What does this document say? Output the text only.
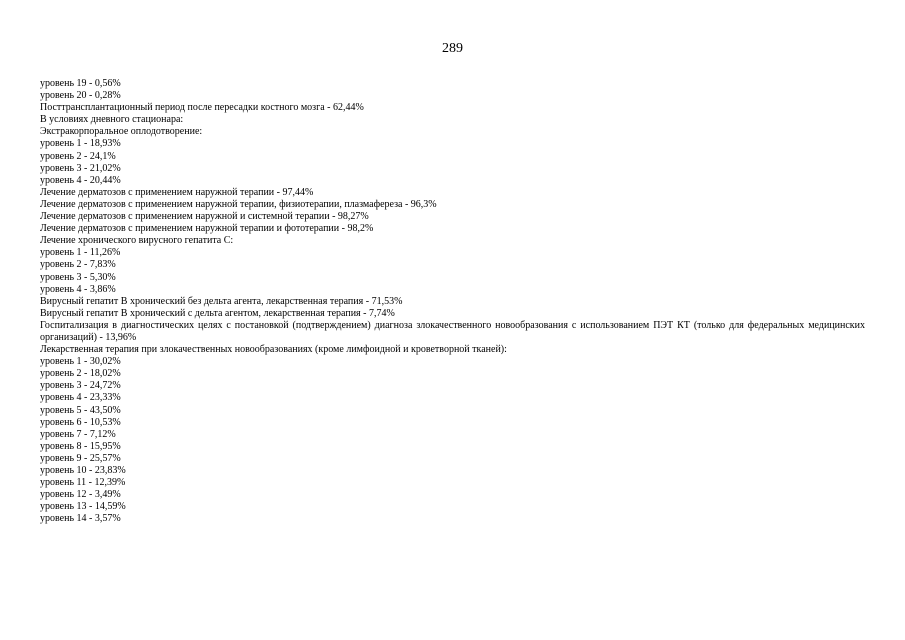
289
уровень 19 - 0,56%
уровень 20 - 0,28%
Посттрансплантационный период после пересадки костного мозга - 62,44%
В условиях дневного стационара:
Экстракорпоральное оплодотворение:
уровень 1 - 18,93%
уровень 2 - 24,1%
уровень 3 - 21,02%
уровень 4 - 20,44%
Лечение дерматозов с применением наружной терапии - 97,44%
Лечение дерматозов с применением наружной терапии, физиотерапии, плазмафереза - 96,3%
Лечение дерматозов с применением наружной и системной терапии - 98,27%
Лечение дерматозов с применением наружной терапии и фототерапии - 98,2%
Лечение хронического вирусного гепатита С:
уровень 1 - 11,26%
уровень 2 - 7,83%
уровень 3 - 5,30%
уровень 4 - 3,86%
Вирусный гепатит В хронический без дельта агента, лекарственная терапия - 71,53%
Вирусный гепатит В хронический с дельта агентом, лекарственная терапия - 7,74%
Госпитализация в диагностических целях с постановкой (подтверждением) диагноза злокачественного новообразования с использованием ПЭТ КТ (только для федеральных медицинских организаций) - 13,96%
Лекарственная терапия при злокачественных новообразованиях (кроме лимфоидной и кроветворной тканей):
уровень 1 - 30,02%
уровень 2 - 18,02%
уровень 3 - 24,72%
уровень 4 - 23,33%
уровень 5 - 43,50%
уровень 6 - 10,53%
уровень 7 - 7,12%
уровень 8 - 15,95%
уровень 9 - 25,57%
уровень 10 - 23,83%
уровень 11 - 12,39%
уровень 12 - 3,49%
уровень 13 - 14,59%
уровень 14 - 3,57%
